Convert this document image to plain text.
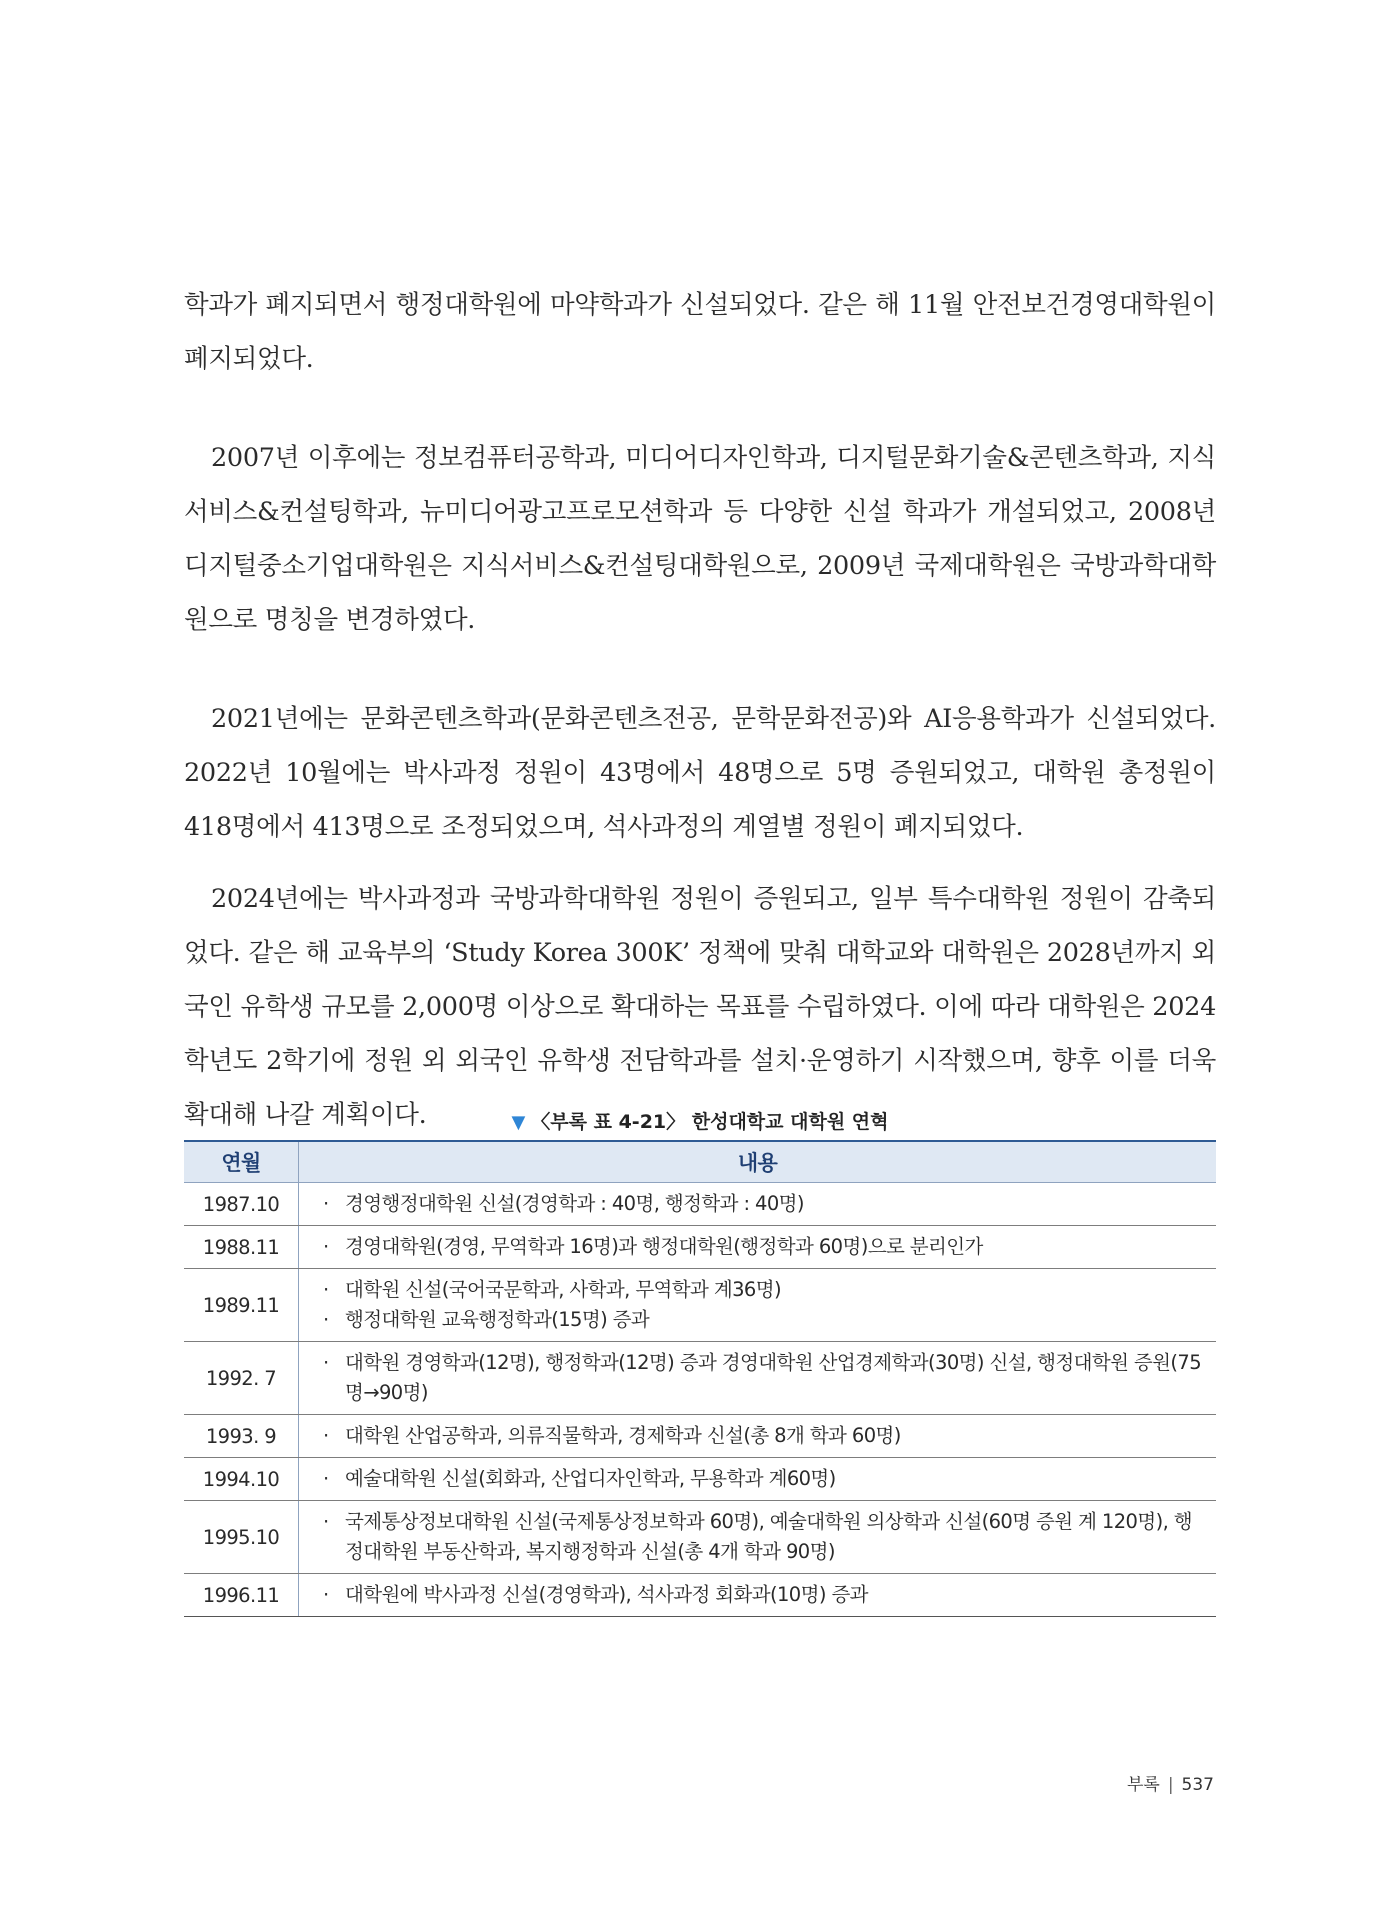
학과가 폐지되면서 행정대학원에 마약학과가 신설되었다. 같은 해 11월 안전보건경영대학원이 폐지되었다.

2007년 이후에는 정보컴퓨터공학과, 미디어디자인학과, 디지털문화기술&콘텐츠학과, 지식서비스&컨설팅학과, 뉴미디어광고프로모션학과 등 다양한 신설 학과가 개설되었고, 2008년 디지털중소기업대학원은 지식서비스&컨설팅대학원으로, 2009년 국제대학원은 국방과학대학원으로 명칭을 변경하였다.

2021년에는 문화콘텐츠학과(문화콘텐츠전공, 문학문화전공)와 AI응용학과가 신설되었다. 2022년 10월에는 박사과정 정원이 43명에서 48명으로 5명 증원되었고, 대학원 총정원이 418명에서 413명으로 조정되었으며, 석사과정의 계열별 정원이 폐지되었다.

2024년에는 박사과정과 국방과학대학원 정원이 증원되고, 일부 특수대학원 정원이 감축되었다. 같은 해 교육부의 ‘Study Korea 300K’ 정책에 맞춰 대학교와 대학원은 2028년까지 외국인 유학생 규모를 2,000명 이상으로 확대하는 목표를 수립하였다. 이에 따라 대학원은 2024학년도 2학기에 정원 외 외국인 유학생 전담학과를 설치·운영하기 시작했으며, 향후 이를 더욱 확대해 나갈 계획이다.	▼ 〈부록 표 4-21〉 한성대학교 대학원 연혁
연월	내용
1987.10	· 경영행정대학원 신설(경영학과 : 40명, 행정학과 : 40명)

1988.11	· 경영대학원(경영, 무역학과 16명)과 행정대학원(행정학과 60명)으로 분리인가

1989.11	· 대학원 신설(국어국문학과, 사학과, 무역학과 계36명)
· 행정대학원 교육행정학과(15명) 증과

1992. 7	· 대학원 경영학과(12명), 행정학과(12명) 증과 경영대학원 산업경제학과(30명) 신설, 행정대학원 증원(75명→90명)

1993. 9	· 대학원 산업공학과, 의류직물학과, 경제학과 신설(총 8개 학과 60명)

1994.10	· 예술대학원 신설(회화과, 산업디자인학과, 무용학과 계60명)

1995.10	· 국제통상정보대학원 신설(국제통상정보학과 60명), 예술대학원 의상학과 신설(60명 증원 계 120명), 행정대학원 부동산학과, 복지행정학과 신설(총 4개 학과 90명)

1996.11	· 대학원에 박사과정 신설(경영학과), 석사과정 회화과(10명) 증과
부록 | 537
